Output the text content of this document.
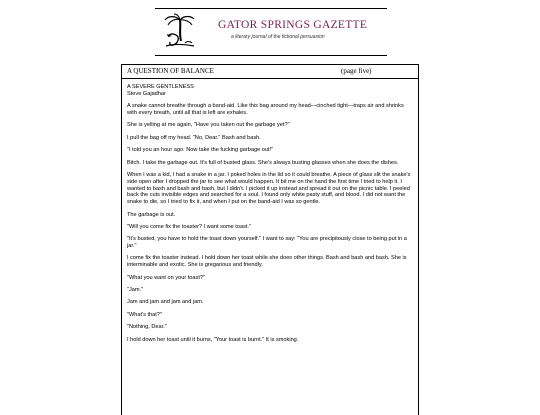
GATOR SPRINGS GAZETTE
a literary journal of the fictional persuasion
A QUESTION OF BALANCE	(page five)

A SEVERE GENTLENESS

Steve Gajadhar

A snake cannot breathe through a band-aid. Like this bag around my head—cinched tight—traps air and shrinks with every breath, until all that is left are exhales.

She is yelling at me again, "Have you taken out the garbage yet?"

I pull the bag off my head. "No, Dear." Bash and bash.

"I told you an hour ago. Now take the fucking garbage out!"

Bitch. I take the garbage out. It's full of busted glass. She's always busting glasses when she does the dishes.

When I was a kid, I had a snake in a jar. I poked holes in the lid so it could breathe. A piece of glass slit the snake's side open after I dropped the jar to see what would happen. It bit me on the hand the first time I tried to help it. I wanted to bash and bash and bash, but I didn't. I picked it up instead and spread it out on the picnic table. I peeled back the cuts invisible edges and searched for a soul. I found only white pasty stuff, and blood. I did not want the snake to die, so I tried to fix it, and when I put on the band-aid I was so gentle.

The garbage is out.

"Will you come fix the toaster? I want some toast."

"It's busted, you have to hold the toast down yourself." I want to say: "You are precipitously close to being put in a jar."

I come fix the toaster instead. I hold down her toast while she does other things. Bash and bash and bash. She is interminable and exotic. She is gregarious and friendly.

"What you want on your toast?"

"Jam."

Jam and jam and jam and jam.

"What's that?"

"Nothing, Dear."

I hold down her toast until it burns, "Your toast is burnt." It is smoking.
